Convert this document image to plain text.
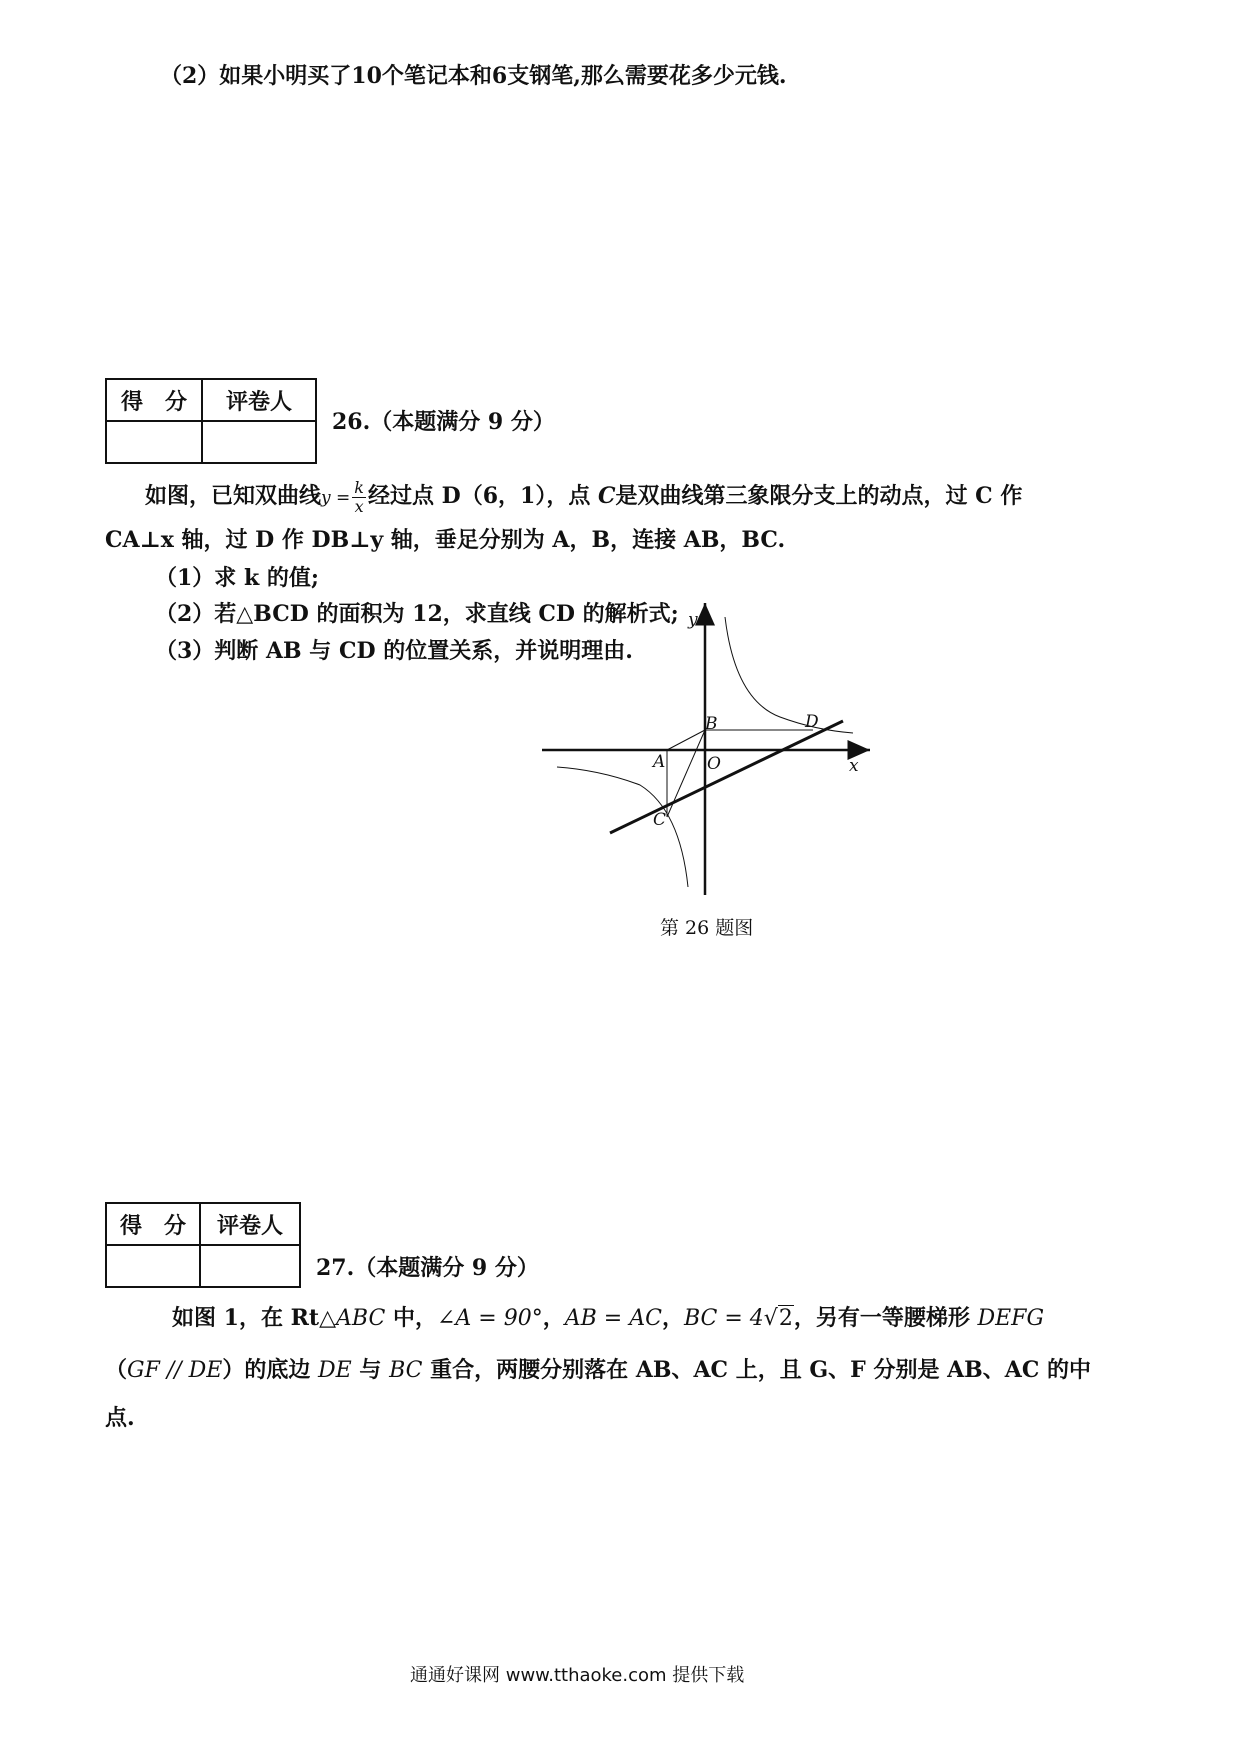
（2）如果小明买了10个笔记本和6支钢笔,那么需要花多少元钱.
得　分	评卷人

26.（本题满分 9 分）
如图，已知双曲线$y = \frac{k}{x}$ 经过点 D（6，1），点 C是双曲线第三象限分支上的动点，过 C 作
CA⊥x 轴，过 D 作 DB⊥y 轴，垂足分别为 A，B，连接 AB，BC.
（1）求 k 的值;
（2）若△BCD 的面积为 12，求直线 CD 的解析式;
（3）判断 AB 与 CD 的位置关系，并说明理由.
y
x
O
A
B
C
D
第 26 题图
得　分	评卷人

27.（本题满分 9 分）
如图 1，在 Rt△ABC 中，∠A = 90°，AB = AC，BC = 4√2，另有一等腰梯形 DEFG
（GF // DE）的底边 DE 与 BC 重合，两腰分别落在 AB、AC 上，且 G、F 分别是 AB、AC 的中
点.
通通好课网 www.tthaoke.com 提供下载
